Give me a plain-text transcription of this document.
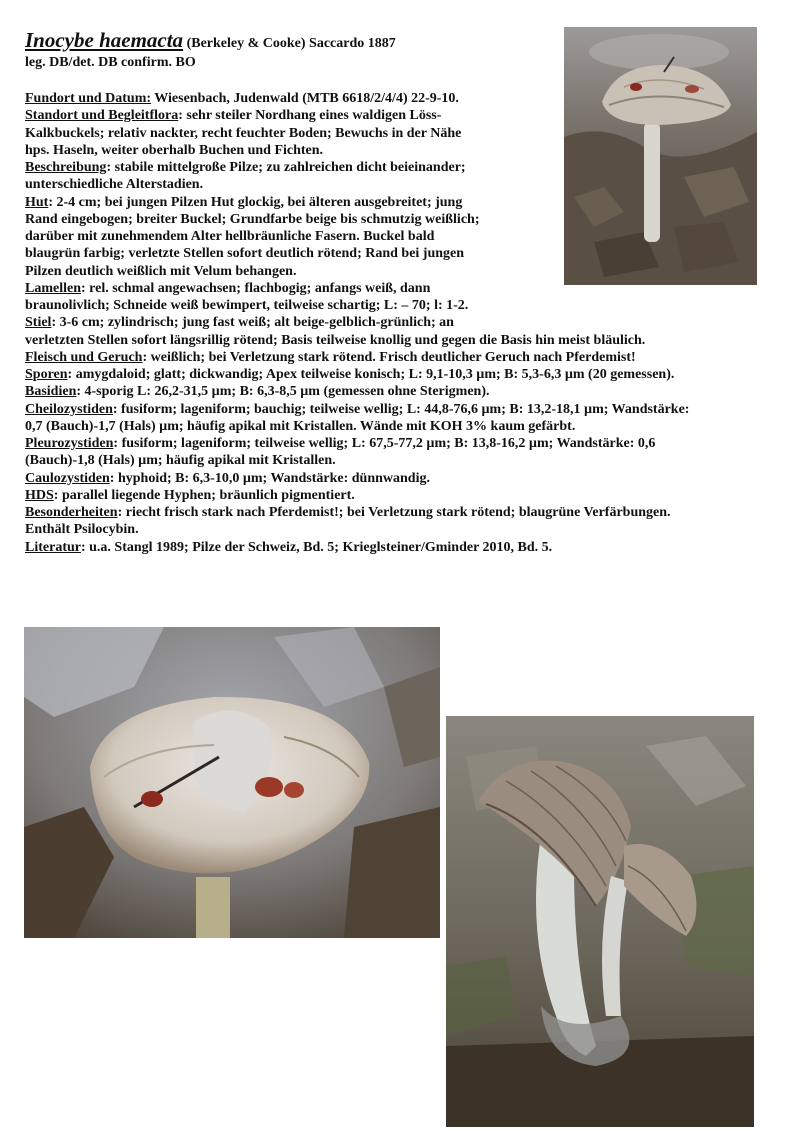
Inocybe haemacta (Berkeley & Cooke) Saccardo 1887
leg. DB/det. DB confirm. BO
Fundort und Datum: Wiesenbach, Judenwald (MTB 6618/2/4/4) 22-9-10.
Standort und Begleitflora: sehr steiler Nordhang eines waldigen Löss-
Kalkbuckels; relativ nackter, recht feuchter Boden; Bewuchs in der Nähe
hps. Haseln, weiter oberhalb Buchen und Fichten.
Beschreibung: stabile mittelgroße Pilze; zu zahlreichen dicht beieinander;
unterschiedliche Alterstadien.
Hut: 2-4 cm; bei jungen Pilzen Hut glockig, bei älteren ausgebreitet; jung
Rand eingebogen; breiter Buckel; Grundfarbe beige bis schmutzig weißlich;
darüber mit zunehmendem Alter hellbräunliche Fasern. Buckel bald
blaugrün farbig; verletzte Stellen sofort deutlich rötend; Rand bei jungen
Pilzen deutlich weißlich mit Velum behangen.
Lamellen: rel. schmal angewachsen; flachbogig; anfangs weiß, dann
braunolivlich; Schneide weiß bewimpert, teilweise schartig; L: – 70; l: 1-2.
Stiel: 3-6 cm; zylindrisch; jung fast weiß; alt beige-gelblich-grünlich; an
verletzten Stellen sofort längsrillig rötend; Basis teilweise knollig und gegen die Basis hin meist bläulich.
Fleisch und Geruch: weißlich; bei Verletzung stark rötend. Frisch deutlicher Geruch nach Pferdemist!
Sporen: amygdaloid; glatt; dickwandig; Apex teilweise konisch; L: 9,1-10,3 µm; B: 5,3-6,3 µm (20 gemessen).
Basidien: 4-sporig L: 26,2-31,5 µm; B: 6,3-8,5 µm (gemessen ohne Sterigmen).
Cheilozystiden: fusiform; lageniform; bauchig; teilweise wellig; L: 44,8-76,6 µm; B: 13,2-18,1 µm; Wandstärke:
0,7 (Bauch)-1,7 (Hals) µm; häufig apikal mit Kristallen. Wände mit KOH 3% kaum gefärbt.
Pleurozystiden: fusiform; lageniform; teilweise wellig; L: 67,5-77,2 µm; B: 13,8-16,2 µm; Wandstärke: 0,6
(Bauch)-1,8 (Hals) µm; häufig apikal mit Kristallen.
Caulozystiden: hyphoid; B: 6,3-10,0 µm; Wandstärke: dünnwandig.
HDS: parallel liegende Hyphen; bräunlich pigmentiert.
Besonderheiten: riecht frisch stark nach Pferdemist!; bei Verletzung stark rötend; blaugrüne Verfärbungen.
Enthält Psilocybin.
Literatur: u.a. Stangl 1989; Pilze der Schweiz, Bd. 5; Krieglsteiner/Gminder 2010, Bd. 5.
